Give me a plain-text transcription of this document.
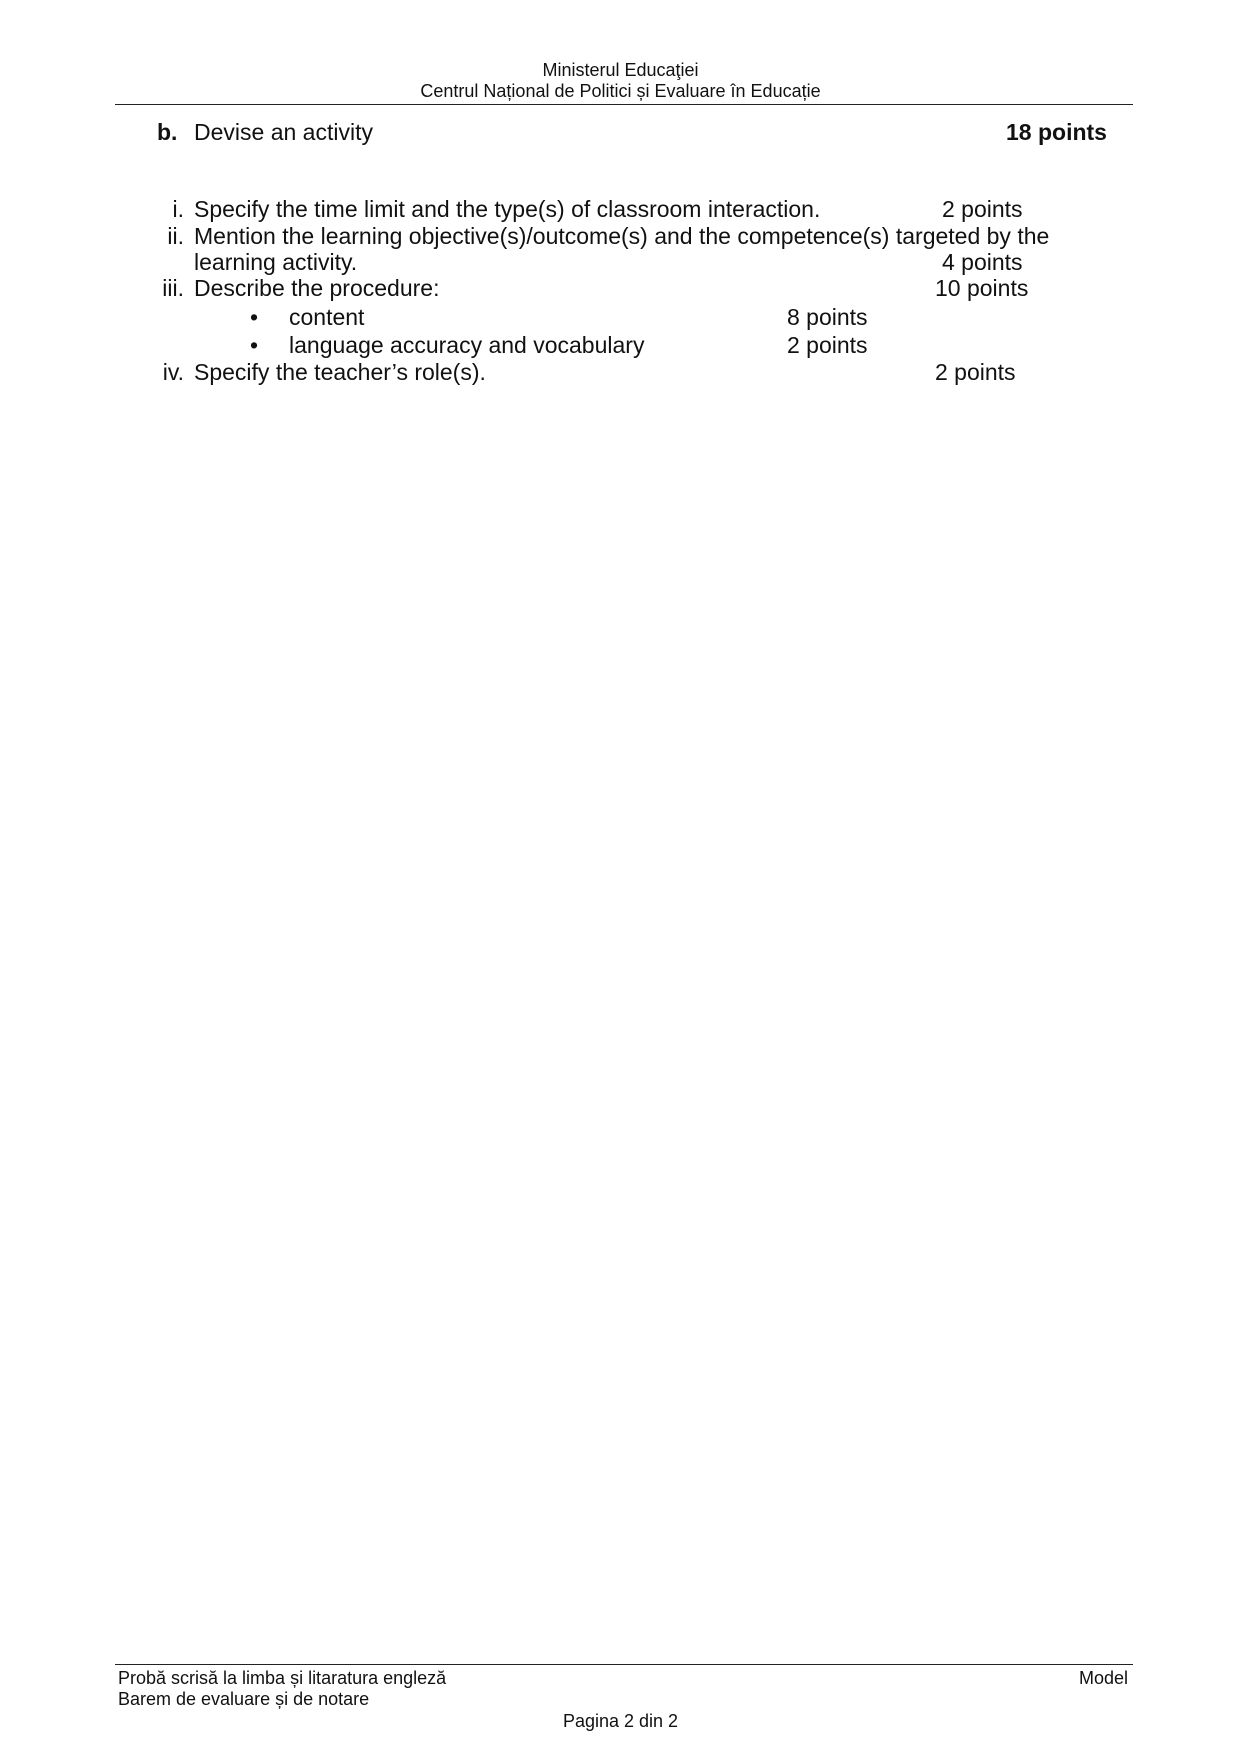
Ministerul Educaţiei
Centrul Național de Politici și Evaluare în Educație
b. Devise an activity	18 points
i. Specify the time limit and the type(s) of classroom interaction.	2 points
ii. Mention the learning objective(s)/outcome(s) and the competence(s) targeted by the
learning activity.	4 points
iii. Describe the procedure:	10 points
• content	8 points
• language accuracy and vocabulary	2 points
iv. Specify the teacher’s role(s).	2 points
Probă scrisă la limba și litaratura engleză
Barem de evaluare și de notare
Model
Pagina 2 din 2
